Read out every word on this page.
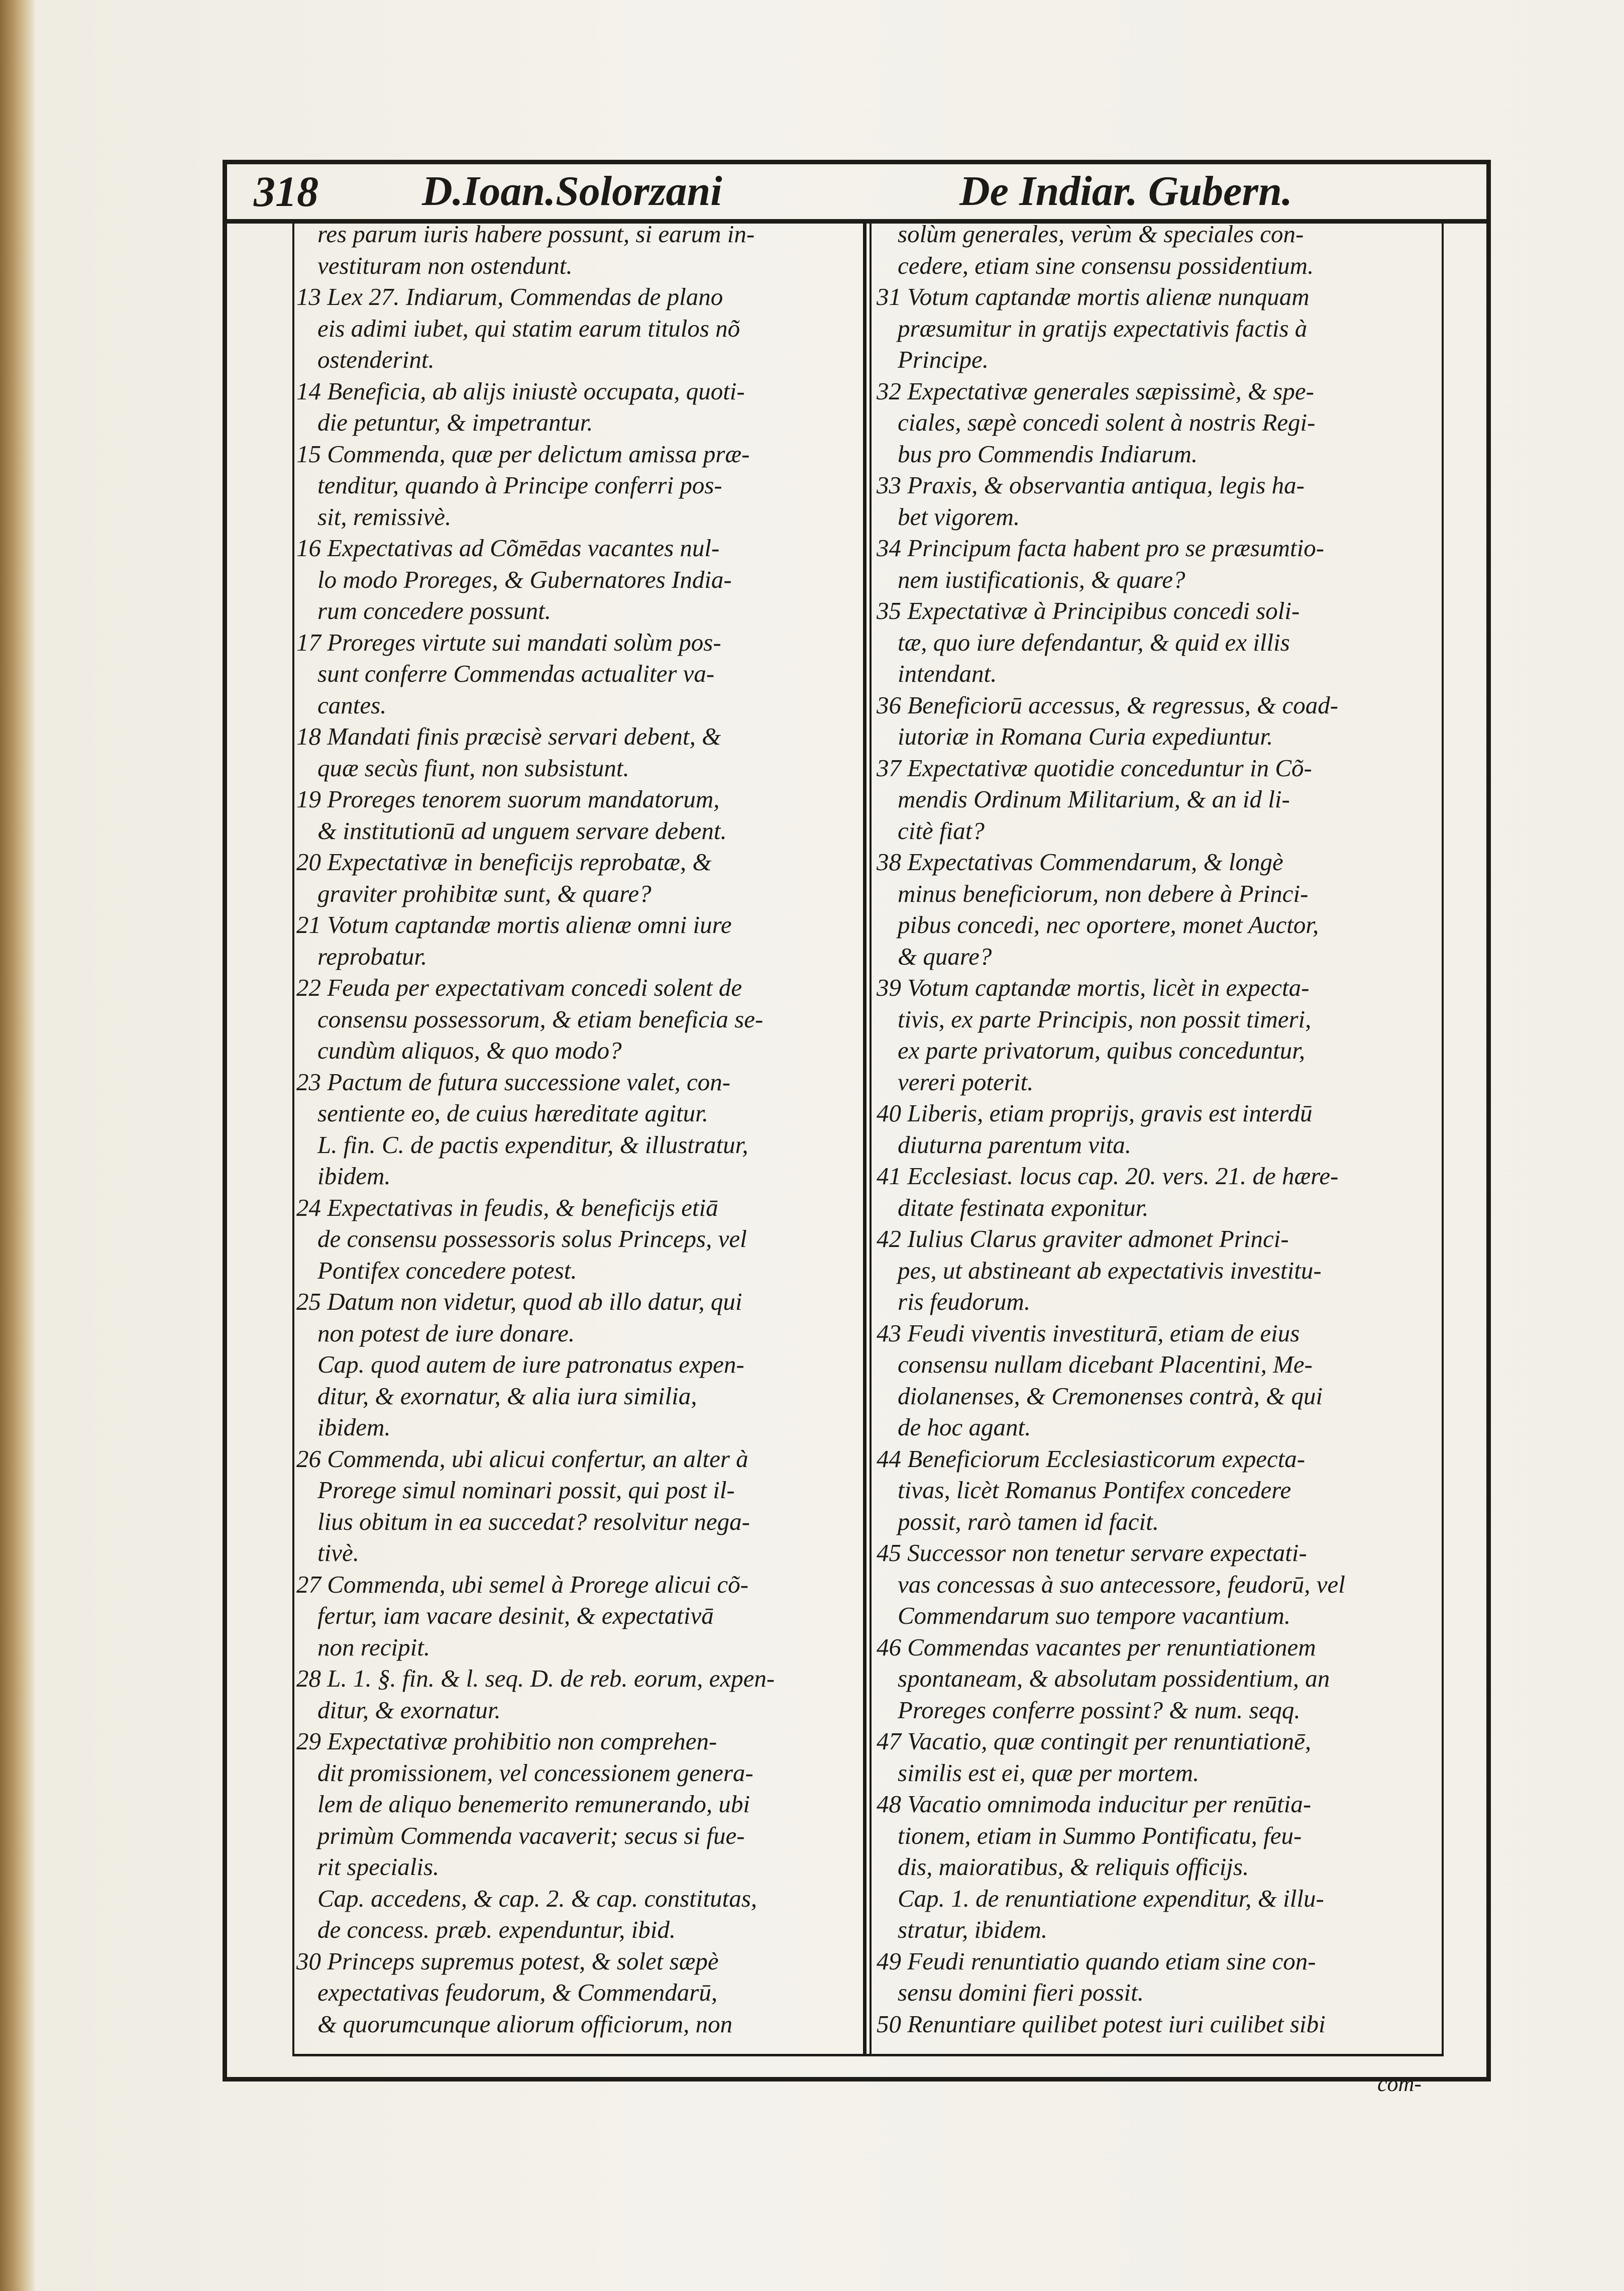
318 D.Ioan.Solorzani	De Indiar. Gubern.
res parum iuris habere possunt, si earum in-
vestituram non ostendunt.
13 Lex 27. Indiarum, Commendas de plano
eis adimi iubet, qui statim earum titulos nõ
ostenderint.
14 Beneficia, ab alijs iniustè occupata, quoti-
die petuntur, & impetrantur.
15 Commenda, quæ per delictum amissa præ-
tenditur, quando à Principe conferri pos-
sit, remissivè.
16 Expectativas ad Cõmēdas vacantes nul-
lo modo Proreges, & Gubernatores India-
rum concedere possunt.
17 Proreges virtute sui mandati solùm pos-
sunt conferre Commendas actualiter va-
cantes.
18 Mandati finis præcisè servari debent, &
quæ secùs fiunt, non subsistunt.
19 Proreges tenorem suorum mandatorum,
& institutionū ad unguem servare debent.
20 Expectativæ in beneficijs reprobatæ, &
graviter prohibitæ sunt, & quare?
21 Votum captandæ mortis alienæ omni iure
reprobatur.
22 Feuda per expectativam concedi solent de
consensu possessorum, & etiam beneficia se-
cundùm aliquos, & quo modo?
23 Pactum de futura successione valet, con-
sentiente eo, de cuius hæreditate agitur.
L. fin. C. de pactis expenditur, & illustratur,
ibidem.
24 Expectativas in feudis, & beneficijs etiā
de consensu possessoris solus Princeps, vel
Pontifex concedere potest.
25 Datum non videtur, quod ab illo datur, qui
non potest de iure donare.
Cap. quod autem de iure patronatus expen-
ditur, & exornatur, & alia iura similia,
ibidem.
26 Commenda, ubi alicui confertur, an alter à
Prorege simul nominari possit, qui post il-
lius obitum in ea succedat? resolvitur nega-
tivè.
27 Commenda, ubi semel à Prorege alicui cõ-
fertur, iam vacare desinit, & expectativā
non recipit.
28 L. 1. §. fin. & l. seq. D. de reb. eorum, expen-
ditur, & exornatur.
29 Expectativæ prohibitio non comprehen-
dit promissionem, vel concessionem genera-
lem de aliquo benemerito remunerando, ubi
primùm Commenda vacaverit; secus si fue-
rit specialis.
Cap. accedens, & cap. 2. & cap. constitutas,
de concess. præb. expenduntur, ibid.
30 Princeps supremus potest, & solet sæpè
expectativas feudorum, & Commendarū,
& quorumcunque aliorum officiorum, non
solùm generales, verùm & speciales con-
cedere, etiam sine consensu possidentium.
31 Votum captandæ mortis alienæ nunquam
præsumitur in gratijs expectativis factis à
Principe.
32 Expectativæ generales sæpissimè, & spe-
ciales, sæpè concedi solent à nostris Regi-
bus pro Commendis Indiarum.
33 Praxis, & observantia antiqua, legis ha-
bet vigorem.
34 Principum facta habent pro se præsumtio-
nem iustificationis, & quare?
35 Expectativæ à Principibus concedi soli-
tæ, quo iure defendantur, & quid ex illis
intendant.
36 Beneficiorū accessus, & regressus, & coad-
iutoriæ in Romana Curia expediuntur.
37 Expectativæ quotidie conceduntur in Cõ-
mendis Ordinum Militarium, & an id li-
citè fiat?
38 Expectativas Commendarum, & longè
minus beneficiorum, non debere à Princi-
pibus concedi, nec oportere, monet Auctor,
& quare?
39 Votum captandæ mortis, licèt in expecta-
tivis, ex parte Principis, non possit timeri,
ex parte privatorum, quibus conceduntur,
vereri poterit.
40 Liberis, etiam proprijs, gravis est interdū
diuturna parentum vita.
41 Ecclesiast. locus cap. 20. vers. 21. de hære-
ditate festinata exponitur.
42 Iulius Clarus graviter admonet Princi-
pes, ut abstineant ab expectativis investitu-
ris feudorum.
43 Feudi viventis investiturā, etiam de eius
consensu nullam dicebant Placentini, Me-
diolanenses, & Cremonenses contrà, & qui
de hoc agant.
44 Beneficiorum Ecclesiasticorum expecta-
tivas, licèt Romanus Pontifex concedere
possit, rarò tamen id facit.
45 Successor non tenetur servare expectati-
vas concessas à suo antecessore, feudorū, vel
Commendarum suo tempore vacantium.
46 Commendas vacantes per renuntiationem
spontaneam, & absolutam possidentium, an
Proreges conferre possint? & num. seqq.
47 Vacatio, quæ contingit per renuntiationē,
similis est ei, quæ per mortem.
48 Vacatio omnimoda inducitur per renūtia-
tionem, etiam in Summo Pontificatu, feu-
dis, maioratibus, & reliquis officijs.
Cap. 1. de renuntiatione expenditur, & illu-
stratur, ibidem.
49 Feudi renuntiatio quando etiam sine con-
sensu domini fieri possit.
50 Renuntiare quilibet potest iuri cuilibet sibi
com-
